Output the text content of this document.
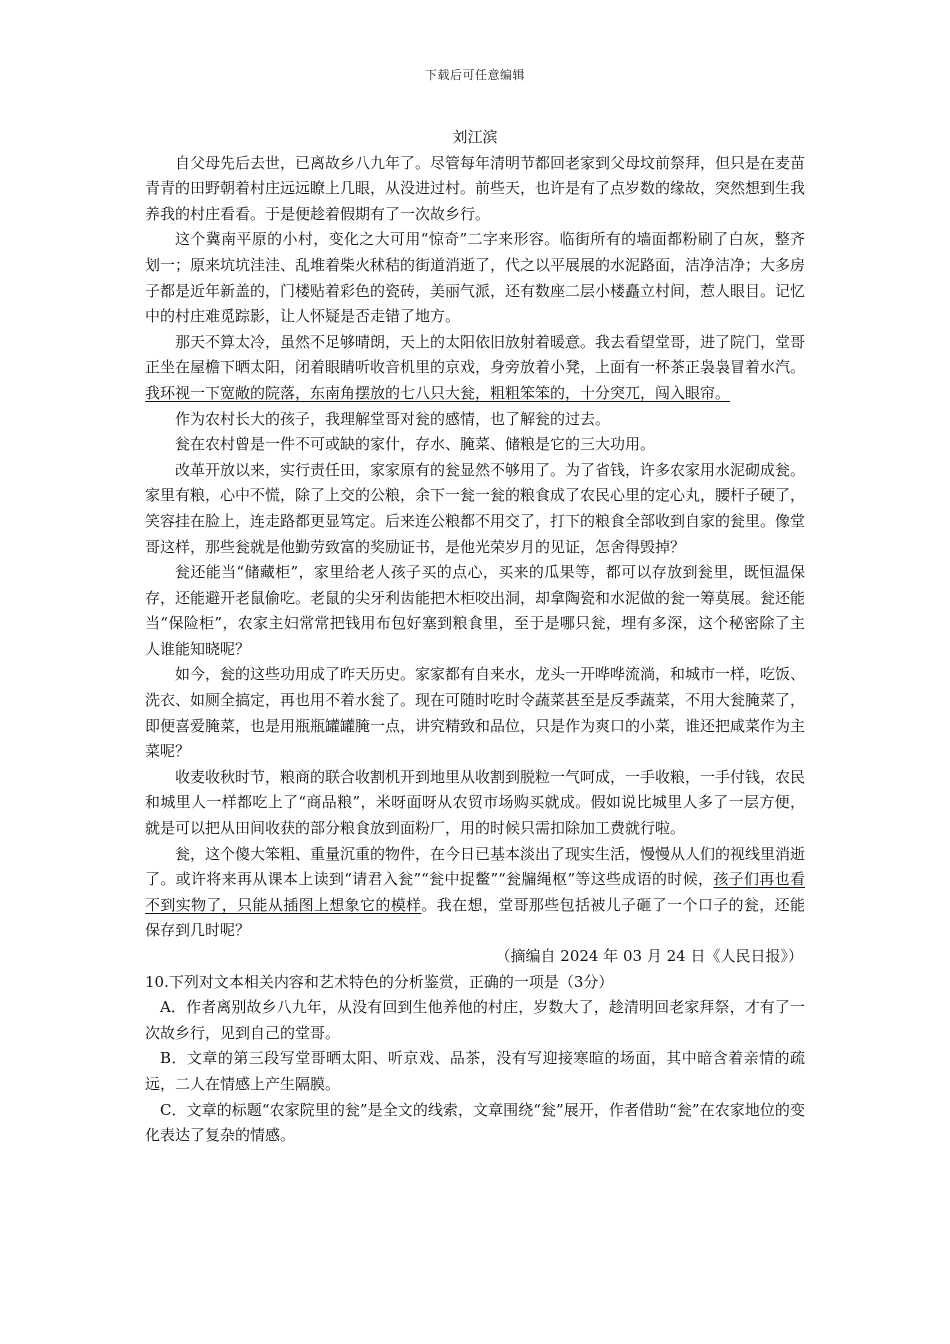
下载后可任意编辑

刘江滨

自父母先后去世，已离故乡八九年了。尽管每年清明节都回老家到父母坟前祭拜，但只是在麦苗青青的田野朝着村庄远远瞭上几眼，从没进过村。前些天，也许是有了点岁数的缘故，突然想到生我养我的村庄看看。于是便趁着假期有了一次故乡行。

这个冀南平原的小村，变化之大可用“惊奇”二字来形容。临街所有的墙面都粉刷了白灰，整齐划一；原来坑坑洼洼、乱堆着柴火秫秸的街道消逝了，代之以平展展的水泥路面，洁净洁净；大多房子都是近年新盖的，门楼贴着彩色的瓷砖，美丽气派，还有数座二层小楼矗立村间，惹人眼目。记忆中的村庄难觅踪影，让人怀疑是否走错了地方。

那天不算太冷，虽然不足够晴朗，天上的太阳依旧放射着暖意。我去看望堂哥，进了院门，堂哥正坐在屋檐下晒太阳，闭着眼睛听收音机里的京戏，身旁放着小凳，上面有一杯茶正袅袅冒着水汽。我环视一下宽敞的院落，东南角摆放的七八只大瓮，粗粗笨笨的，十分突兀，闯入眼帘。

作为农村长大的孩子，我理解堂哥对瓮的感情，也了解瓮的过去。

瓮在农村曾是一件不可或缺的家什，存水、腌菜、储粮是它的三大功用。

改革开放以来，实行责任田，家家原有的瓮显然不够用了。为了省钱，许多农家用水泥砌成瓮。家里有粮，心中不慌，除了上交的公粮，余下一瓮一瓮的粮食成了农民心里的定心丸，腰杆子硬了，笑容挂在脸上，连走路都更显笃定。后来连公粮都不用交了，打下的粮食全部收到自家的瓮里。像堂哥这样，那些瓮就是他勤劳致富的奖励证书，是他光荣岁月的见证，怎舍得毁掉？

瓮还能当“储藏柜”，家里给老人孩子买的点心，买来的瓜果等，都可以存放到瓮里，既恒温保存，还能避开老鼠偷吃。老鼠的尖牙利齿能把木柜咬出洞，却拿陶瓷和水泥做的瓮一筹莫展。瓮还能当“保险柜”，农家主妇常常把钱用布包好塞到粮食里，至于是哪只瓮，埋有多深，这个秘密除了主人谁能知晓呢？

如今，瓮的这些功用成了昨天历史。家家都有自来水，龙头一开哗哗流淌，和城市一样，吃饭、洗衣、如厕全搞定，再也用不着水瓮了。现在可随时吃时令蔬菜甚至是反季蔬菜，不用大瓮腌菜了，即便喜爱腌菜，也是用瓶瓶罐罐腌一点，讲究精致和品位，只是作为爽口的小菜，谁还把咸菜作为主菜呢？

收麦收秋时节，粮商的联合收割机开到地里从收割到脱粒一气呵成，一手收粮，一手付钱，农民和城里人一样都吃上了“商品粮”，米呀面呀从农贸市场购买就成。假如说比城里人多了一层方便，就是可以把从田间收获的部分粮食放到面粉厂，用的时候只需扣除加工费就行啦。

瓮，这个傻大笨粗、重量沉重的物件，在今日已基本淡出了现实生活，慢慢从人们的视线里消逝了。或许将来再从课本上读到“请君入瓮”“瓮中捉鳖”“瓮牖绳枢”等这些成语的时候，孩子们再也看不到实物了，只能从插图上想象它的模样。我在想，堂哥那些包括被儿子砸了一个口子的瓮，还能保存到几时呢？

（摘编自 2024 年 03 月 24 日《人民日报》）

10.下列对文本相关内容和艺术特色的分析鉴赏，正确的一项是（3分）

A．作者离别故乡八九年，从没有回到生他养他的村庄，岁数大了，趁清明回老家拜祭，才有了一次故乡行，见到自己的堂哥。

B．文章的第三段写堂哥晒太阳、听京戏、品茶，没有写迎接寒暄的场面，其中暗含着亲情的疏远，二人在情感上产生隔膜。

C．文章的标题“农家院里的瓮”是全文的线索，文章围绕“瓮”展开，作者借助“瓮”在农家地位的变化表达了复杂的情感。
